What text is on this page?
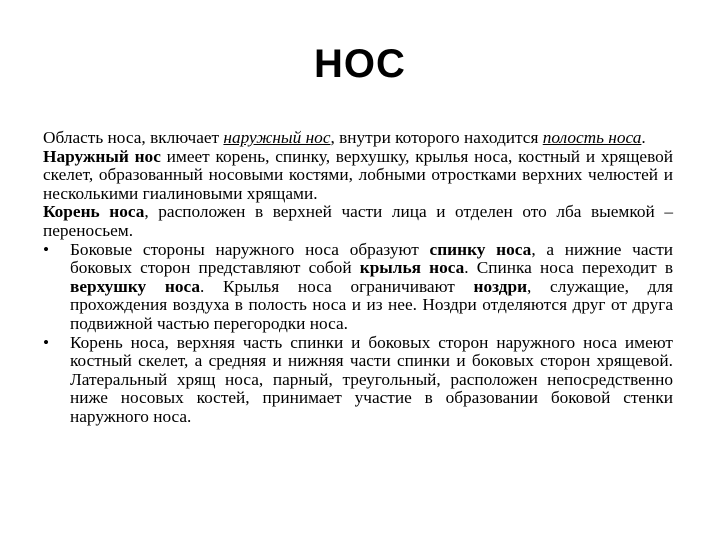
НОС

Область носа, включает наружный нос, внутри которого находится полость носа.

Наружный нос имеет корень, спинку, верхушку, крылья носа, костный и хрящевой скелет, образованный носовыми костями, лобными отростками верхних челюстей и несколькими гиалиновыми хрящами.

Корень носа, расположен в верхней части лица и отделен ото лба выемкой – переносьем.

•	Боковые стороны наружного носа образуют спинку носа, а нижние части боковых сторон представляют собой крылья носа. Спинка носа переходит в верхушку носа. Крылья носа ограничивают ноздри, служащие, для прохождения воздуха в полость носа и из нее. Ноздри отделяются друг от друга подвижной частью перегородки носа.

•	Корень носа, верхняя часть спинки и боковых сторон наружного носа имеют костный скелет, а средняя и нижняя части спинки и боковых сторон хрящевой. Латеральный хрящ носа, парный, треугольный, расположен непосредственно ниже носовых костей, принимает участие в образовании боковой стенки наружного носа.
